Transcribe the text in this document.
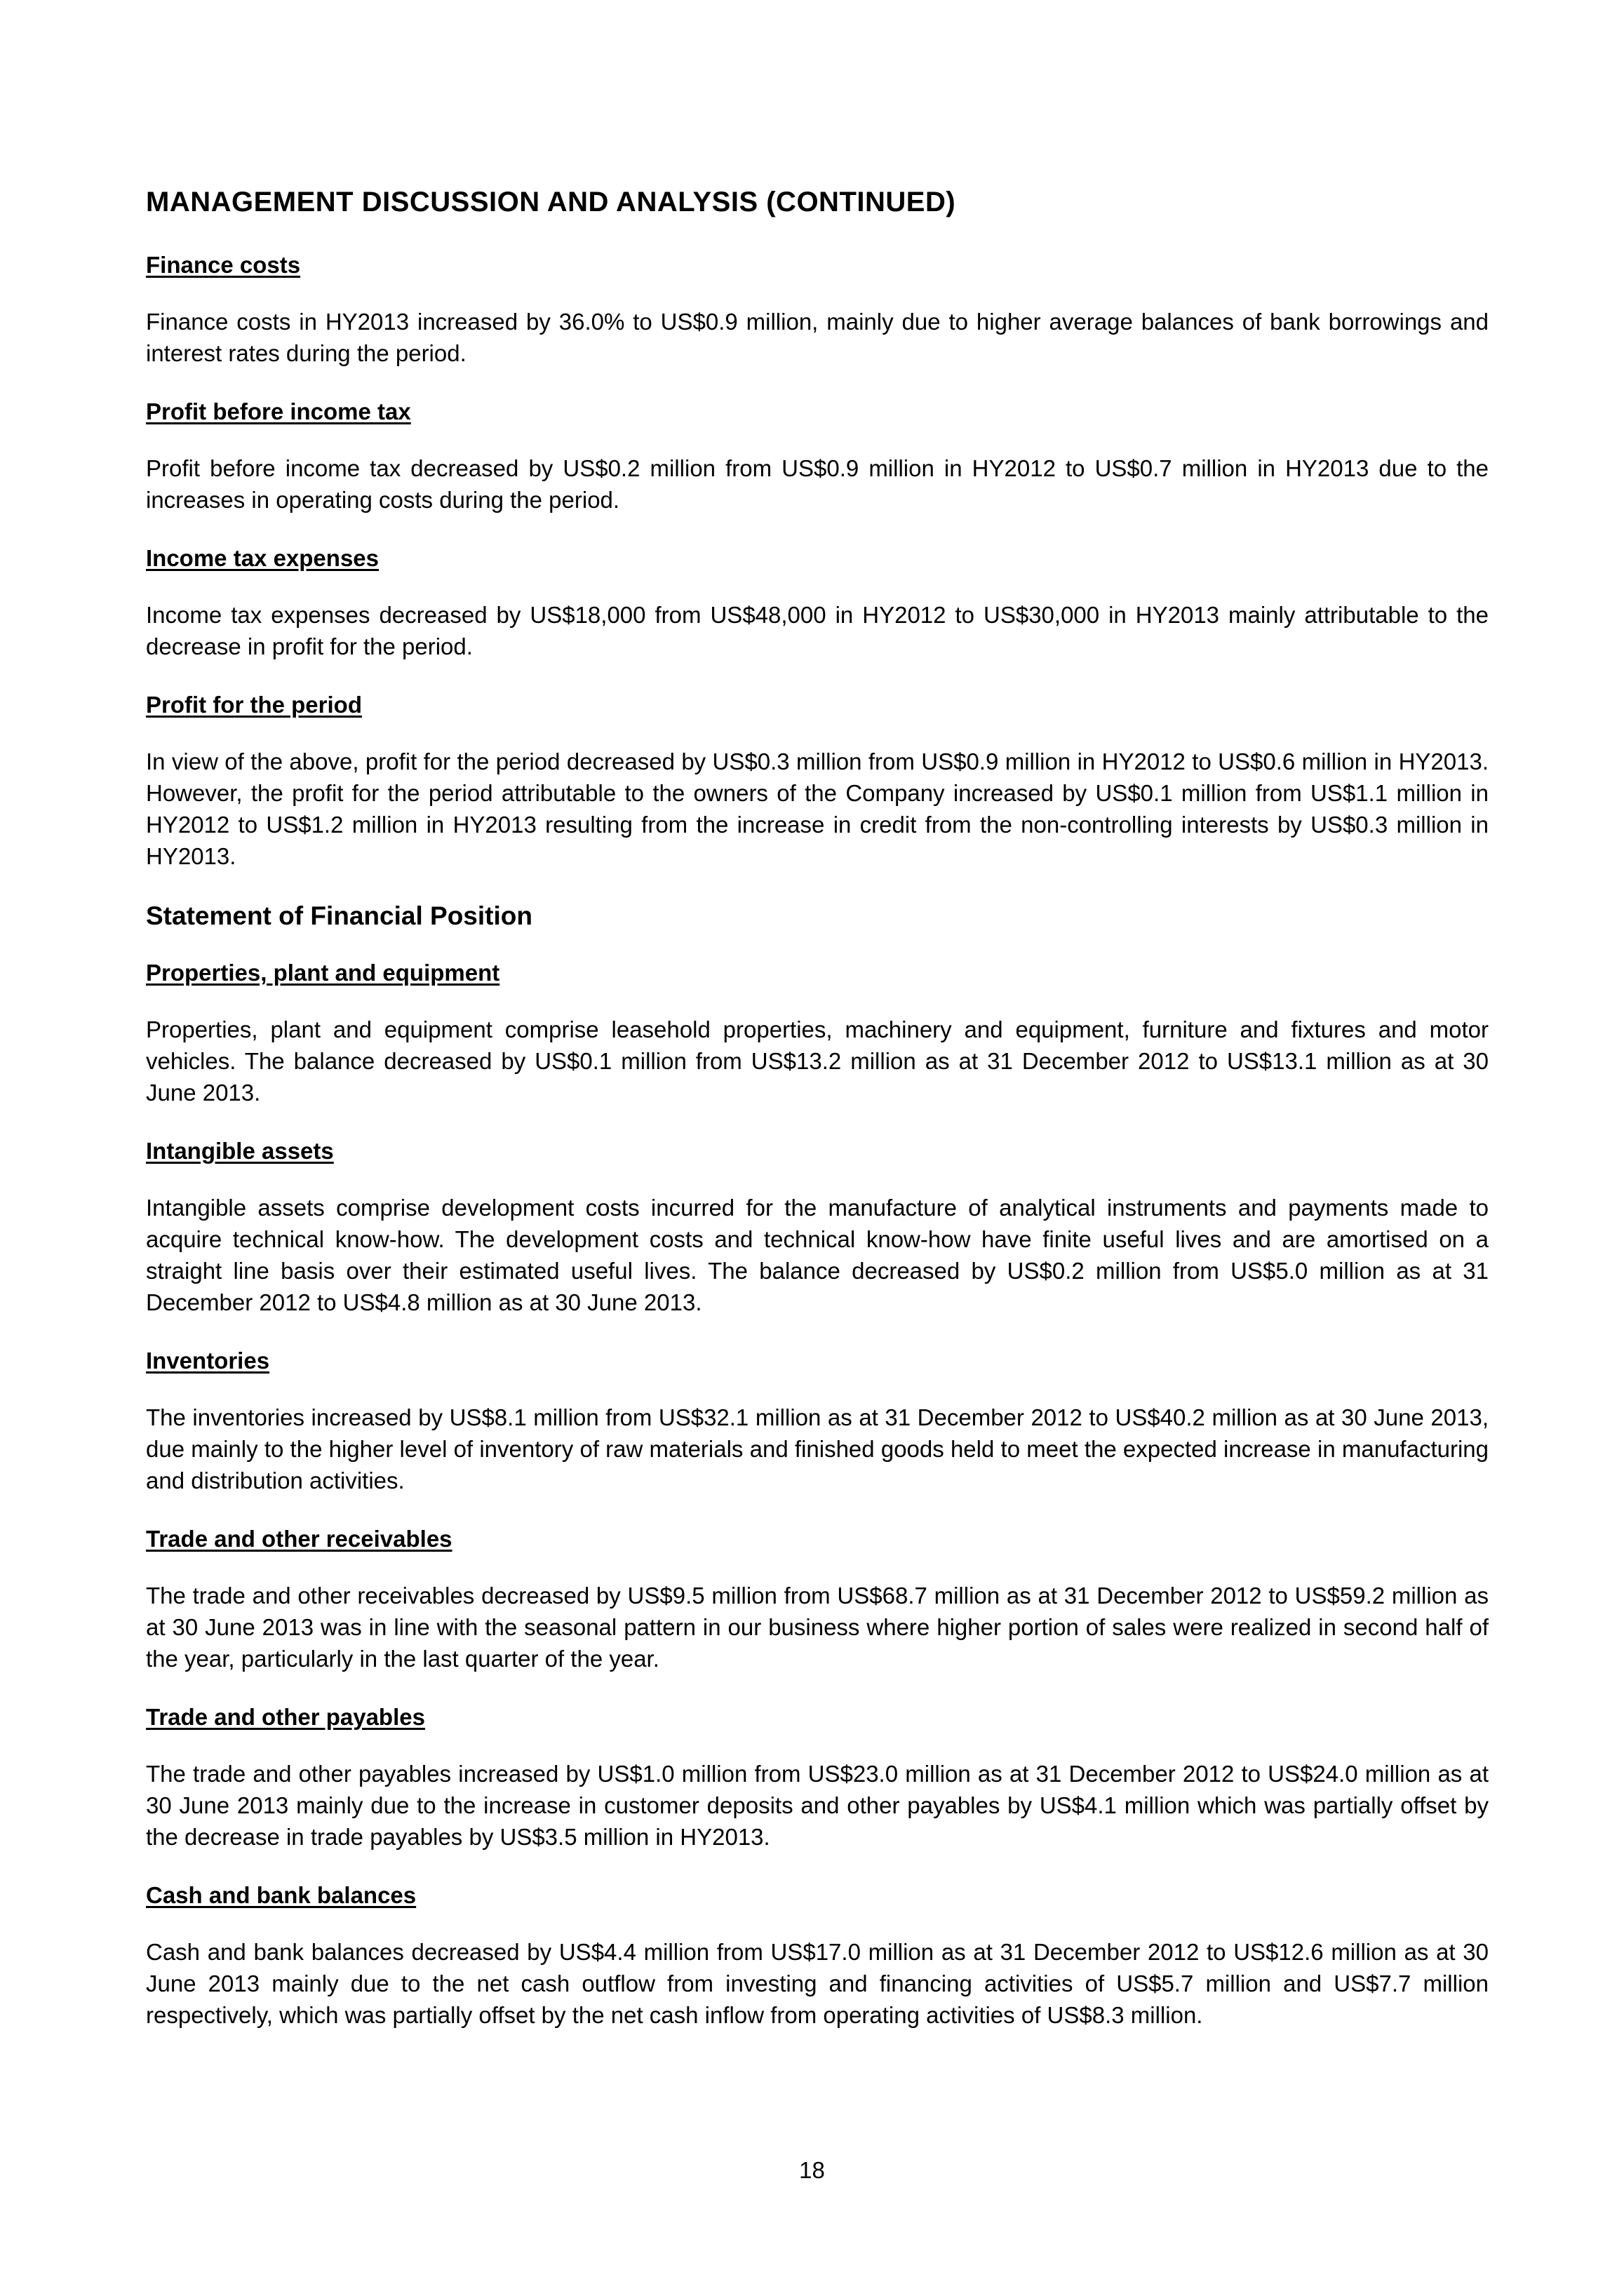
MANAGEMENT DISCUSSION AND ANALYSIS (CONTINUED)
Finance costs

Finance costs in HY2013 increased by 36.0% to US$0.9 million, mainly due to higher average balances of bank borrowings and interest rates during the period.

Profit before income tax

Profit before income tax decreased by US$0.2 million from US$0.9 million in HY2012 to US$0.7 million in HY2013 due to the increases in operating costs during the period.

Income tax expenses

Income tax expenses decreased by US$18,000 from US$48,000 in HY2012 to US$30,000 in HY2013 mainly attributable to the decrease in profit for the period.

Profit for the period

In view of the above, profit for the period decreased by US$0.3 million from US$0.9 million in HY2012 to US$0.6 million in HY2013. However, the profit for the period attributable to the owners of the Company increased by US$0.1 million from US$1.1 million in HY2012 to US$1.2 million in HY2013 resulting from the increase in credit from the non-controlling interests by US$0.3 million in HY2013.

Statement of Financial Position
Properties, plant and equipment

Properties, plant and equipment comprise leasehold properties, machinery and equipment, furniture and fixtures and motor vehicles. The balance decreased by US$0.1 million from US$13.2 million as at 31 December 2012 to US$13.1 million as at 30 June 2013.

Intangible assets

Intangible assets comprise development costs incurred for the manufacture of analytical instruments and payments made to acquire technical know-how. The development costs and technical know-how have finite useful lives and are amortised on a straight line basis over their estimated useful lives. The balance decreased by US$0.2 million from US$5.0 million as at 31 December 2012 to US$4.8 million as at 30 June 2013.

Inventories

The inventories increased by US$8.1 million from US$32.1 million as at 31 December 2012 to US$40.2 million as at 30 June 2013, due mainly to the higher level of inventory of raw materials and finished goods held to meet the expected increase in manufacturing and distribution activities.

Trade and other receivables

The trade and other receivables decreased by US$9.5 million from US$68.7 million as at 31 December 2012 to US$59.2 million as at 30 June 2013 was in line with the seasonal pattern in our business where higher portion of sales were realized in second half of the year, particularly in the last quarter of the year.

Trade and other payables

The trade and other payables increased by US$1.0 million from US$23.0 million as at 31 December 2012 to US$24.0 million as at 30 June 2013 mainly due to the increase in customer deposits and other payables by US$4.1 million which was partially offset by the decrease in trade payables by US$3.5 million in HY2013.

Cash and bank balances

Cash and bank balances decreased by US$4.4 million from US$17.0 million as at 31 December 2012 to US$12.6 million as at 30 June 2013 mainly due to the net cash outflow from investing and financing activities of US$5.7 million and US$7.7 million respectively, which was partially offset by the net cash inflow from operating activities of US$8.3 million.

18
